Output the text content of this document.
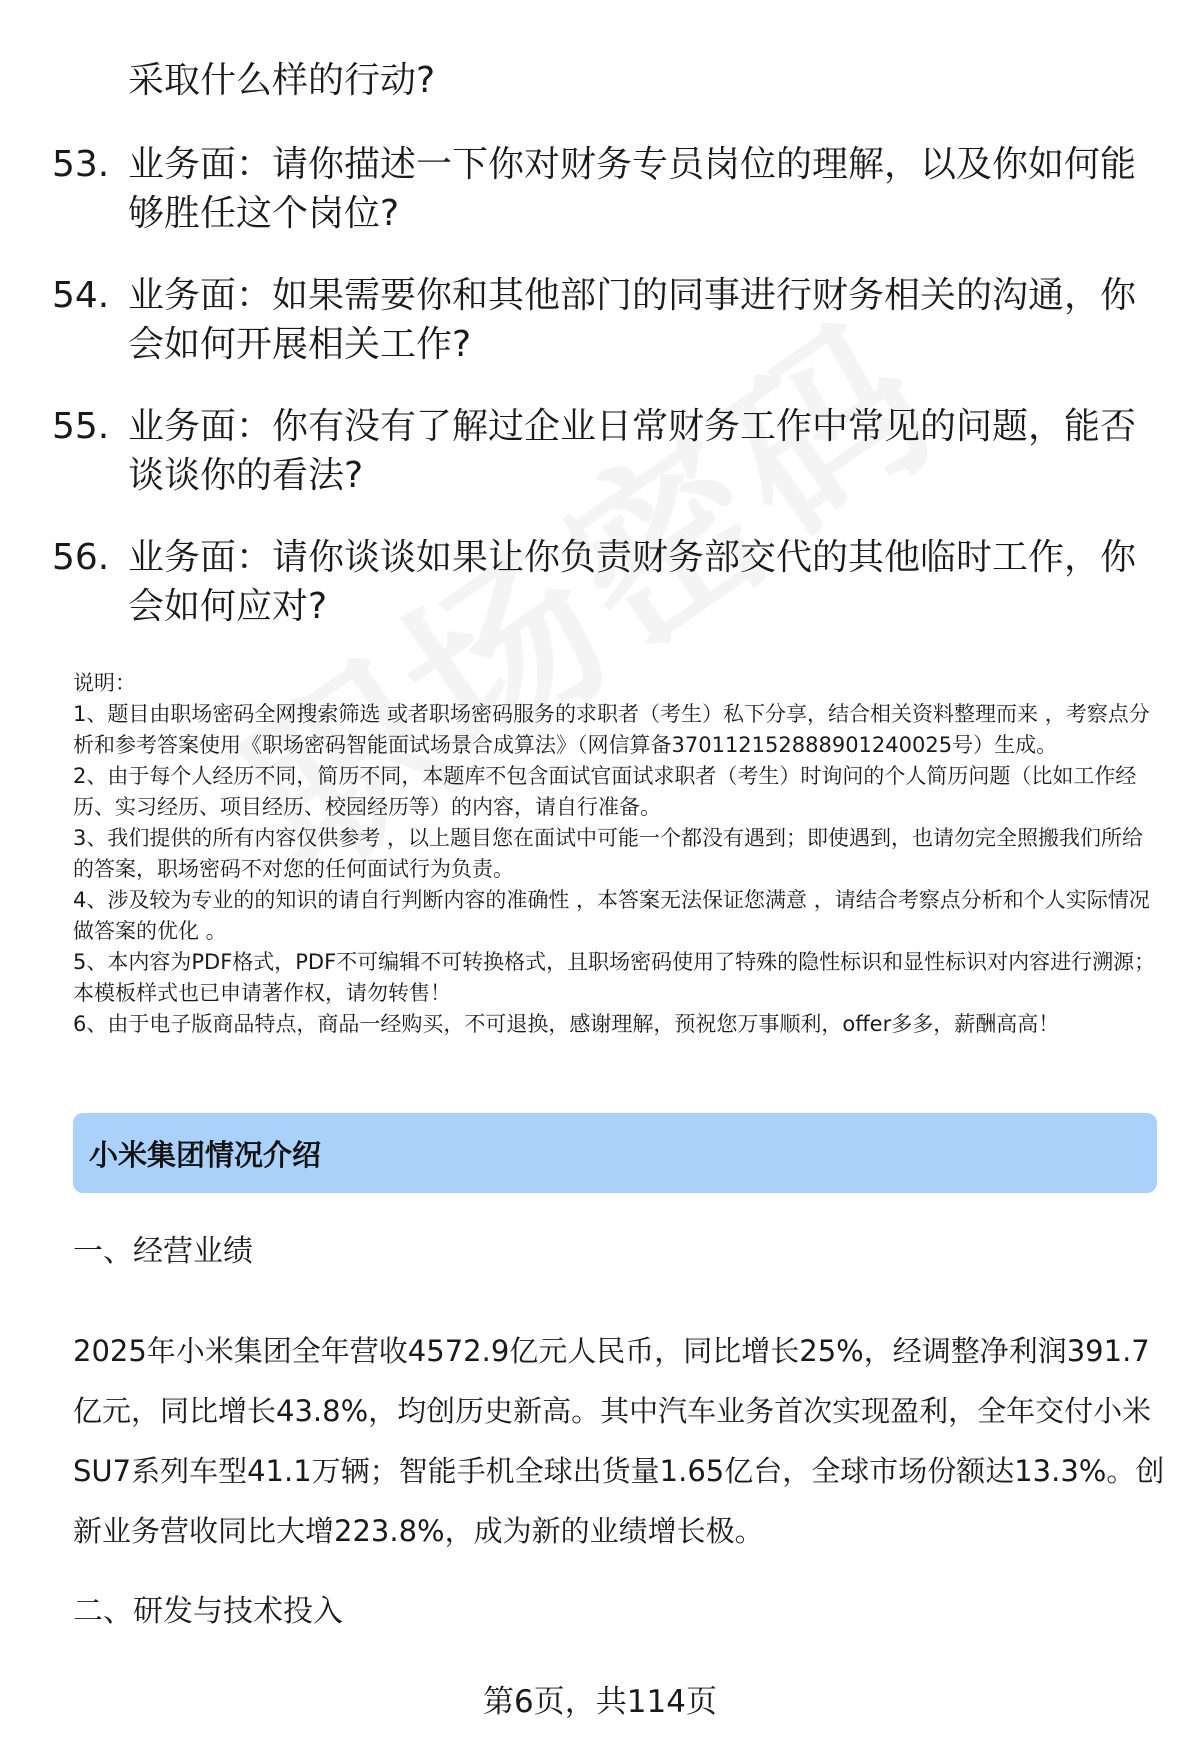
采取什么样的行动?

53. 业务面：请你描述一下你对财务专员岗位的理解，以及你如何能够胜任这个岗位?
54. 业务面：如果需要你和其他部门的同事进行财务相关的沟通，你会如何开展相关工作?
55. 业务面：你有没有了解过企业日常财务工作中常见的问题，能否谈谈你的看法?
56. 业务面：请你谈谈如果让你负责财务部交代的其他临时工作，你会如何应对?

说明：

1、题目由职场密码全网搜索筛选 或者职场密码服务的求职者（考生）私下分享，结合相关资料整理而来 ，考察点分析和参考答案使用《职场密码智能面试场景合成算法》（网信算备370112152888901240025号）生成。

2、由于每个人经历不同，简历不同，本题库不包含面试官面试求职者（考生）时询问的个人简历问题（比如工作经历、实习经历、项目经历、校园经历等）的内容，请自行准备。

3、我们提供的所有内容仅供参考 ，以上题目您在面试中可能一个都没有遇到；即使遇到，也请勿完全照搬我们所给的答案，职场密码不对您的任何面试行为负责。

4、涉及较为专业的的知识的请自行判断内容的准确性 ，本答案无法保证您满意 ，请结合考察点分析和个人实际情况做答案的优化 。

5、本内容为PDF格式，PDF不可编辑不可转换格式，且职场密码使用了特殊的隐性标识和显性标识对内容进行溯源；本模板样式也已申请著作权，请勿转售！

6、由于电子版商品特点，商品一经购买，不可退换，感谢理解，预祝您万事顺利，offer多多，薪酬高高！

小米集团情况介绍
一、经营业绩

2025年小米集团全年营收4572.9亿元人民币，同比增长25%，经调整净利润391.7亿元，同比增长43.8%，均创历史新高。其中汽车业务首次实现盈利，全年交付小米SU7系列车型41.1万辆；智能手机全球出货量1.65亿台，全球市场份额达13.3%。创新业务营收同比大增223.8%，成为新的业绩增长极。

二、研发与技术投入
第6页，共114页
